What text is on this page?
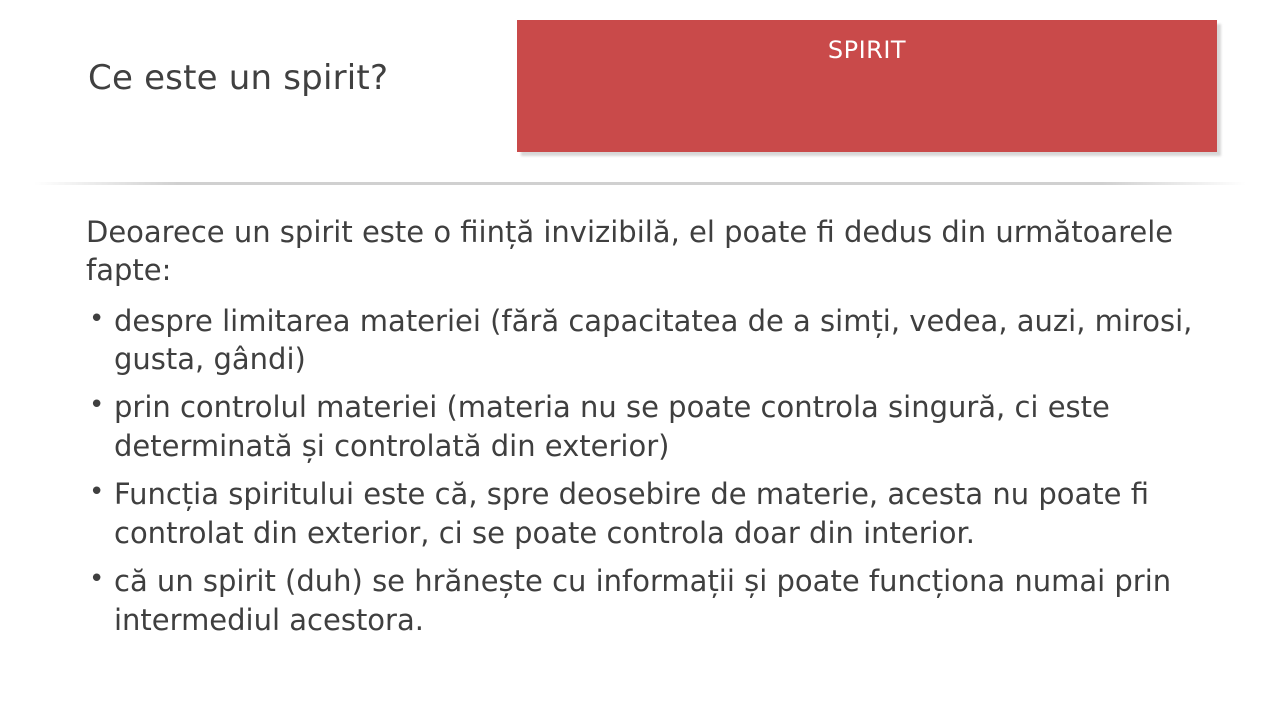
Ce este un spirit?
SPIRIT
Deoarece un spirit este o ființă invizibilă, el poate fi dedus din următoarele fapte:
• despre limitarea materiei (fără capacitatea de a simți, vedea, auzi, mirosi, gusta, gândi)
• prin controlul materiei (materia nu se poate controla singură, ci este determinată și controlată din exterior)
• Funcția spiritului este că, spre deosebire de materie, acesta nu poate fi controlat din exterior, ci se poate controla doar din interior.
• că un spirit (duh) se hrănește cu informații și poate funcționa numai prin intermediul acestora.
